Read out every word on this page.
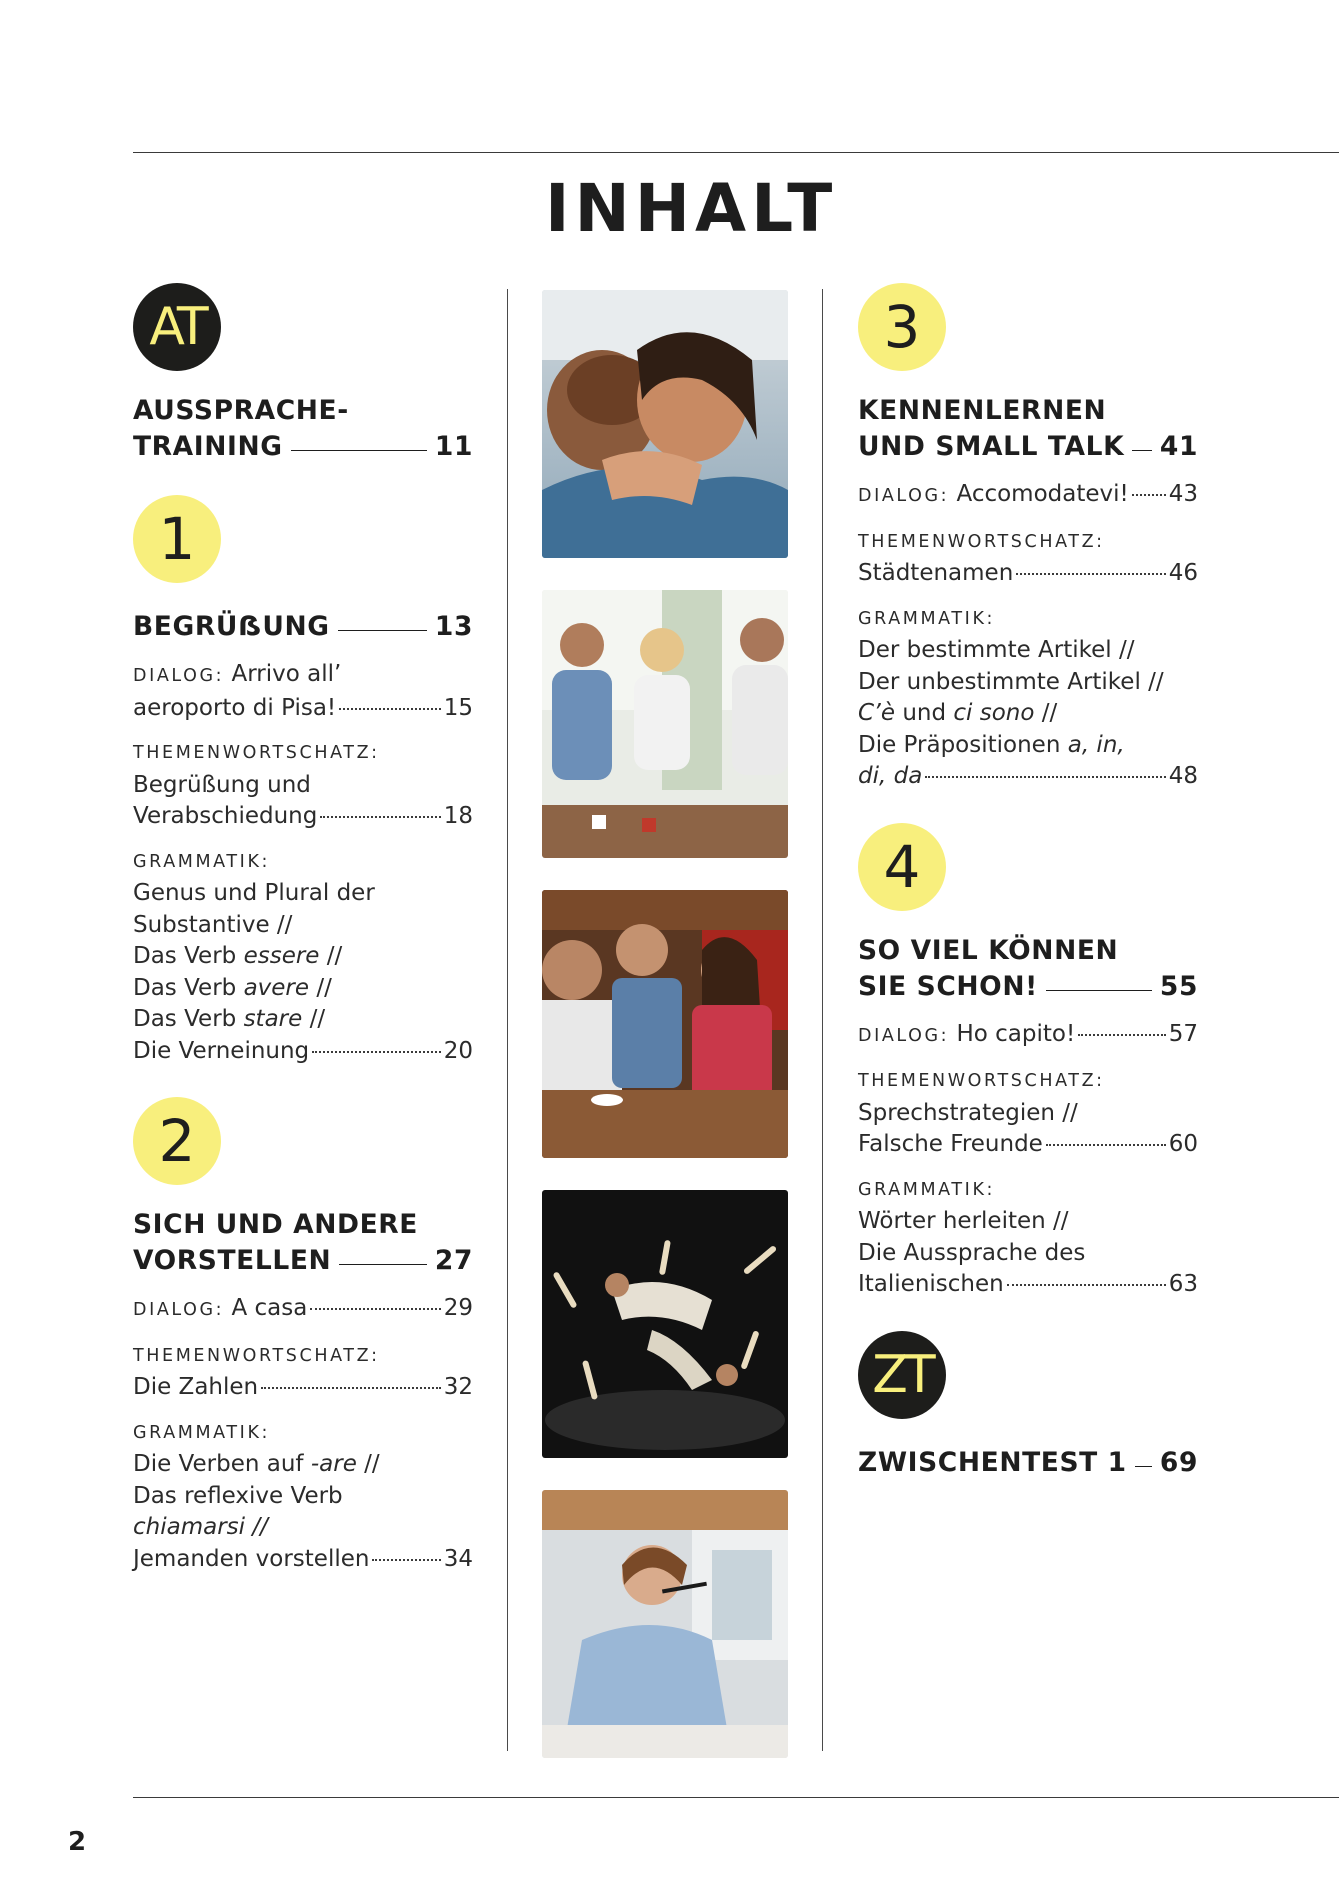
INHALT
AT
AUSSPRACHE-
TRAINING	11
1
BEGRÜẞUNG	13
DIALOG: Arrivo all’
aeroporto di Pisa!	15
THEMENWORTSCHATZ:
Begrüßung und
Verabschiedung	18
GRAMMATIK:
Genus und Plural der
Substantive //
Das Verb essere //
Das Verb avere //
Das Verb stare //
Die Verneinung	20
2
SICH UND ANDERE
VORSTELLEN	27
DIALOG: A casa	29
THEMENWORTSCHATZ:
Die Zahlen	32
GRAMMATIK:
Die Verben auf -are //
Das reflexive Verb
chiamarsi //
Jemanden vorstellen	34
3
KENNENLERNEN
UND SMALL TALK 41
DIALOG: Accomodatevi! 43
THEMENWORTSCHATZ:
Städtenamen	46
GRAMMATIK:
Der bestimmte Artikel //
Der unbestimmte Artikel //
C’è und ci sono //
Die Präpositionen a, in,
di, da	48
4
SO VIEL KÖNNEN
SIE SCHON!	55
DIALOG: Ho capito!	57
THEMENWORTSCHATZ:
Sprechstrategien //
Falsche Freunde	60
GRAMMATIK:
Wörter herleiten //
Die Aussprache des
Italienischen	63
ZT
ZWISCHENTEST 1 69
2
